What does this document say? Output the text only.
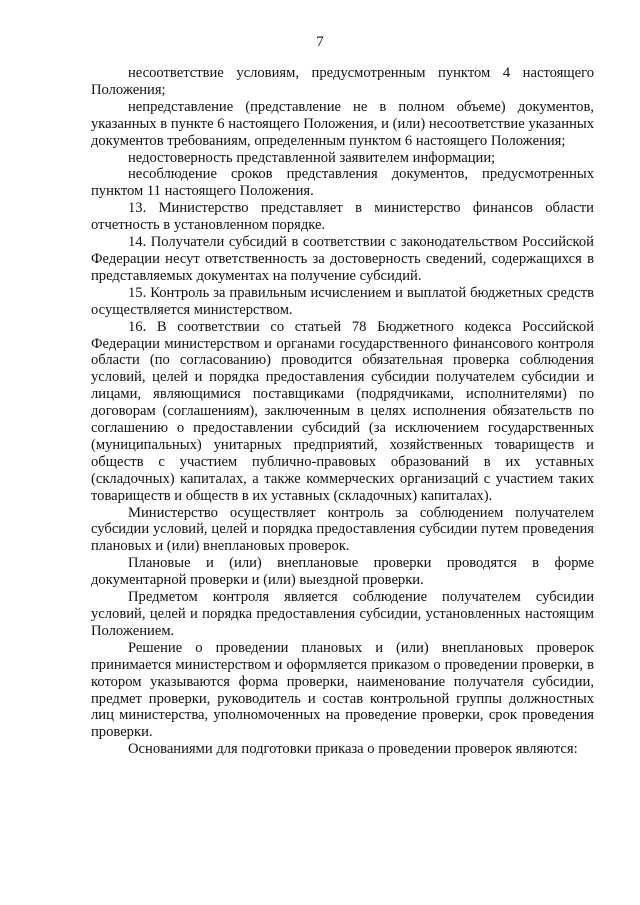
7

несоответствие условиям, предусмотренным пунктом 4 настоящего Положения;

непредставление (представление не в полном объеме) документов, указанных в пункте 6 настоящего Положения, и (или) несоответствие указанных документов требованиям, определенным пунктом 6 настоящего Положения;

недостоверность представленной заявителем информации;

несоблюдение сроков представления документов, предусмотренных пунктом 11 настоящего Положения.

13. Министерство представляет в министерство финансов области отчетность в установленном порядке.

14. Получатели субсидий в соответствии с законодательством Российской Федерации несут ответственность за достоверность сведений, содержащихся в представляемых документах на получение субсидий.

15. Контроль за правильным исчислением и выплатой бюджетных средств осуществляется министерством.

16. В соответствии со статьей 78 Бюджетного кодекса Российской Федерации министерством и органами государственного финансового контроля области (по согласованию) проводится обязательная проверка соблюдения условий, целей и порядка предоставления субсидии получателем субсидии и лицами, являющимися поставщиками (подрядчиками, исполнителями) по договорам (соглашениям), заключенным в целях исполнения обязательств по соглашению о предоставлении субсидий (за исключением государственных (муниципальных) унитарных предприятий, хозяйственных товариществ и обществ с участием публично-правовых образований в их уставных (складочных) капиталах, а также коммерческих организаций с участием таких товариществ и обществ в их уставных (складочных) капиталах).

Министерство осуществляет контроль за соблюдением получателем субсидии условий, целей и порядка предоставления субсидии путем проведения плановых и (или) внеплановых проверок.

Плановые и (или) внеплановые проверки проводятся в форме документарной проверки и (или) выездной проверки.

Предметом контроля является соблюдение получателем субсидии условий, целей и порядка предоставления субсидии, установленных настоящим Положением.

Решение о проведении плановых и (или) внеплановых проверок принимается министерством и оформляется приказом о проведении проверки, в котором указываются форма проверки, наименование получателя субсидии, предмет проверки, руководитель и состав контрольной группы должностных лиц министерства, уполномоченных на проведение проверки, срок проведения проверки.

Основаниями для подготовки приказа о проведении проверок являются:
